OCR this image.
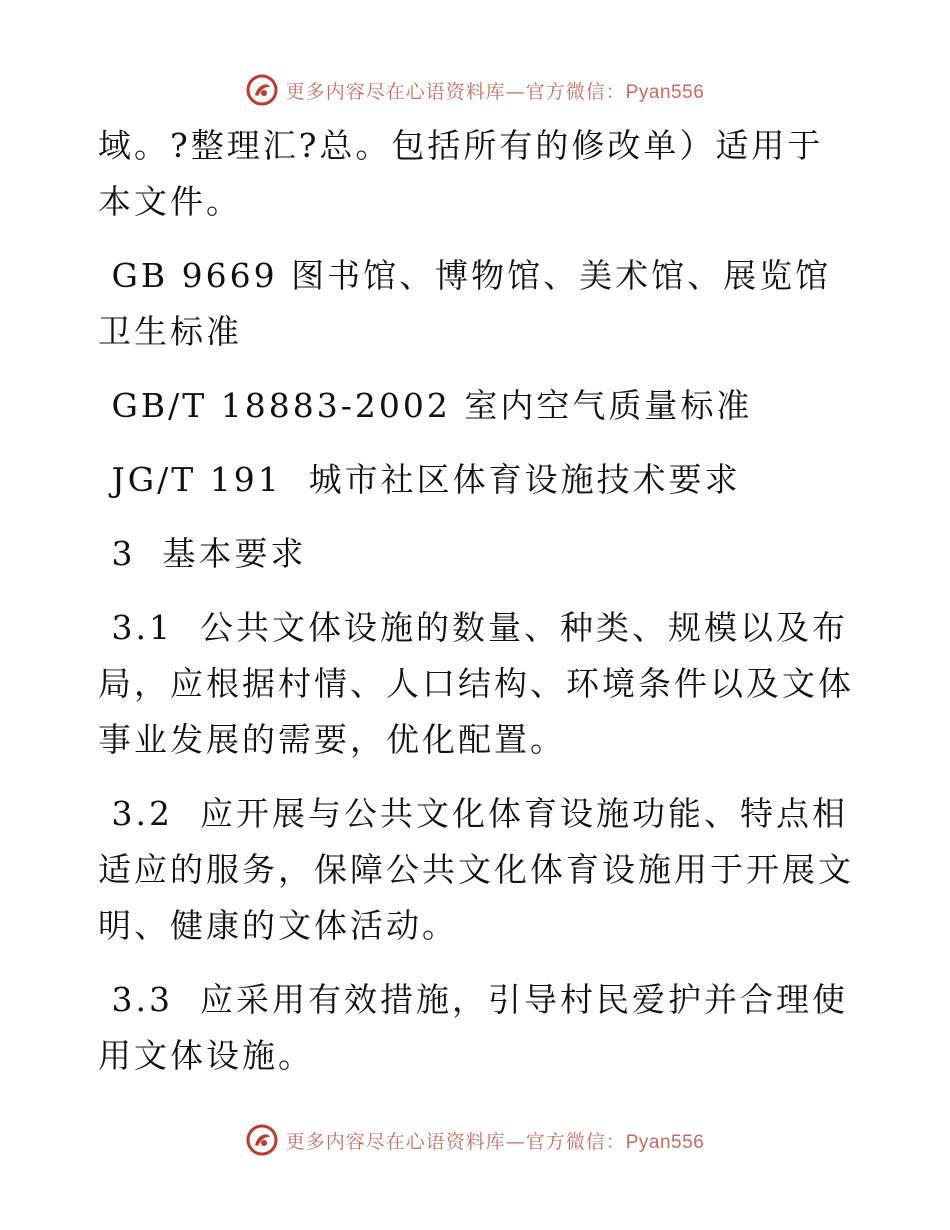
更多内容尽在心语资料库—官方微信：Pyan556

域。?整理汇?总。包括所有的修改单）适用于本文件。

GB 9669 图书馆、博物馆、美术馆、展览馆卫生标准

GB/T 18883-2002 室内空气质量标准

JG/T 191  城市社区体育设施技术要求

3  基本要求

3.1  公共文体设施的数量、种类、规模以及布局，应根据村情、人口结构、环境条件以及文体事业发展的需要，优化配置。

3.2  应开展与公共文化体育设施功能、特点相适应的服务，保障公共文化体育设施用于开展文明、健康的文体活动。

3.3  应采用有效措施，引导村民爱护并合理使用文体设施。

更多内容尽在心语资料库—官方微信：Pyan556
